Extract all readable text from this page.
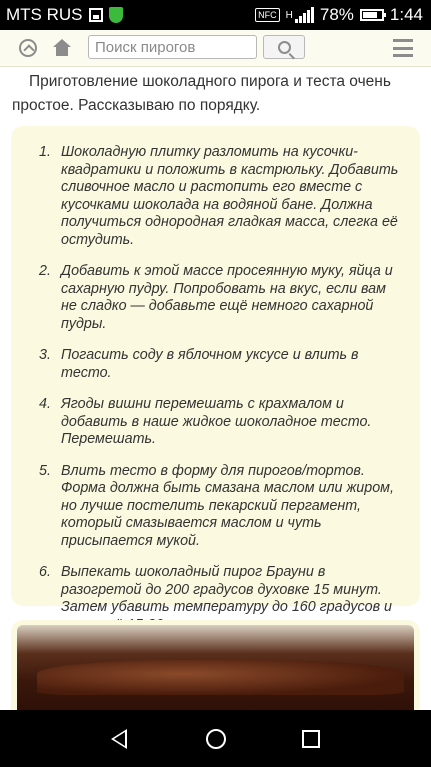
MTS RUS	NFC H 78% 1:44
Поиск пирогов

Приготовление шоколадного пирога и теста очень простое. Рассказываю по порядку.

1. Шоколадную плитку разломить на кусочки-квадратики и положить в кастрюльку. Добавить сливочное масло и растопить его вместе с кусочками шоколада на водяной бане. Должна получиться однородная гладкая масса, слегка её остудить.
2. Добавить к этой массе просеянную муку, яйца и сахарную пудру. Попробовать на вкус, если вам не сладко — добавьте ещё немного сахарной пудры.
3. Погасить соду в яблочном уксусе и влить в тесто.
4. Ягоды вишни перемешать с крахмалом и добавить в наше жидкое шоколадное тесто. Перемешать.
5. Влить тесто в форму для пирогов/тортов. Форма должна быть смазана маслом или жиром, но лучше постелить пекарский пергамент, который смазывается маслом и чуть присыпается мукой.
6. Выпекать шоколадный пирог Брауни в разогретой до 200 градусов духовке 15 минут. Затем убавить температуру до 160 градусов и
